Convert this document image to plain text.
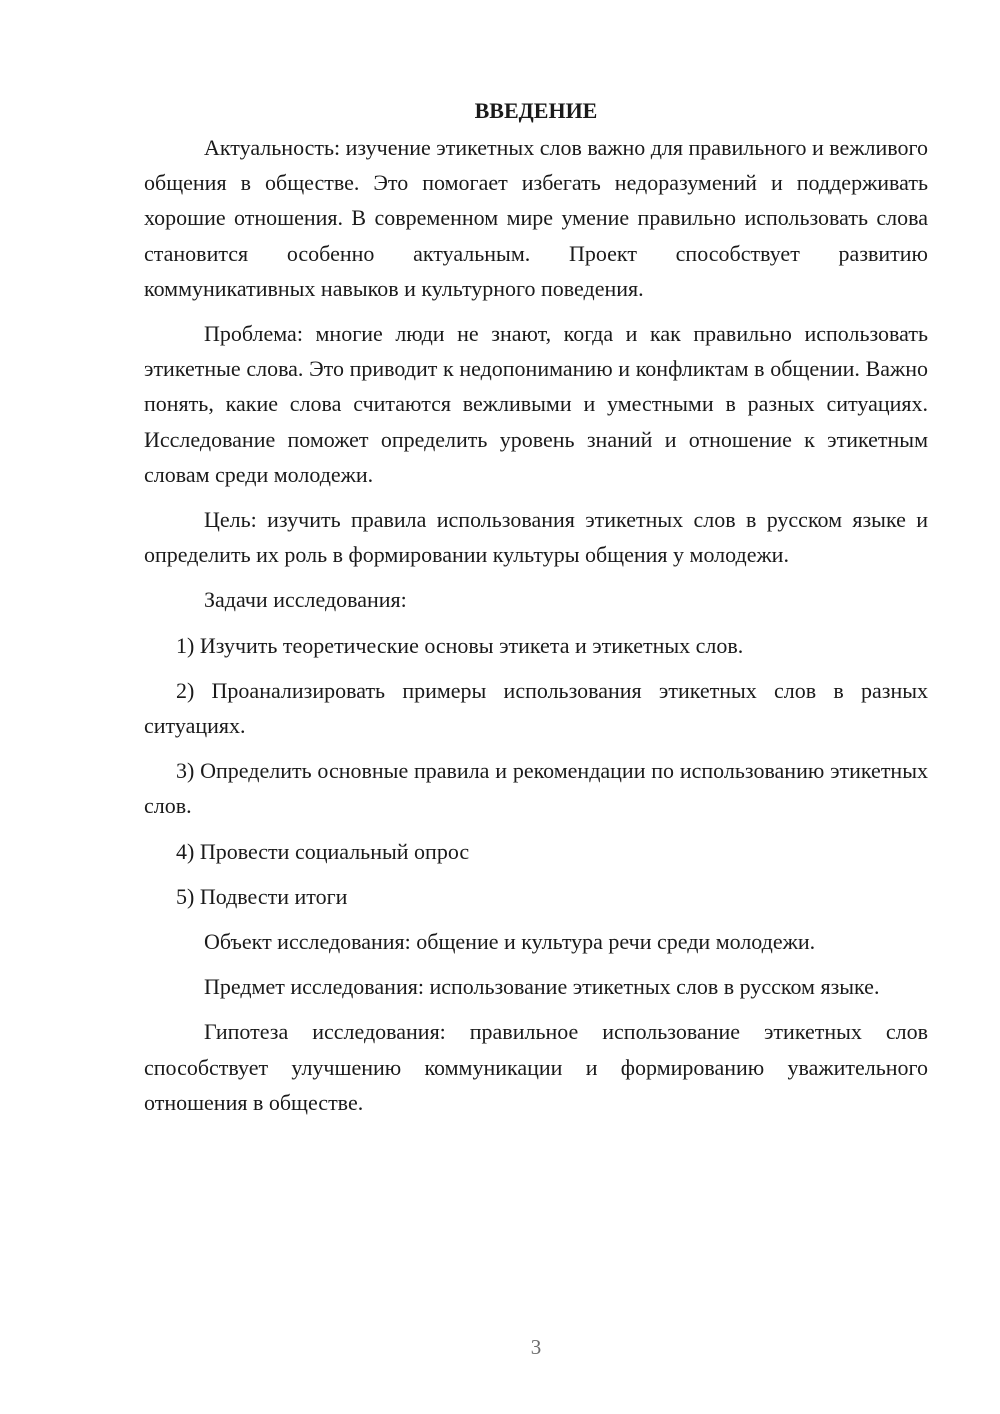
ВВЕДЕНИЕ

Актуальность: изучение этикетных слов важно для правильного и вежливого общения в обществе. Это помогает избегать недоразумений и поддерживать хорошие отношения. В современном мире умение правильно использовать слова становится особенно актуальным. Проект способствует развитию коммуникативных навыков и культурного поведения.

Проблема: многие люди не знают, когда и как правильно использовать этикетные слова. Это приводит к недопониманию и конфликтам в общении. Важно понять, какие слова считаются вежливыми и уместными в разных ситуациях. Исследование поможет определить уровень знаний и отношение к этикетным словам среди молодежи.

Цель: изучить правила использования этикетных слов в русском языке и определить их роль в формировании культуры общения у молодежи.

Задачи исследования:

1) Изучить теоретические основы этикета и этикетных слов.

2) Проанализировать примеры использования этикетных слов в разных ситуациях.

3) Определить основные правила и рекомендации по использованию этикетных слов.

4) Провести социальный опрос

5) Подвести итоги

Объект исследования: общение и культура речи среди молодежи.

Предмет исследования: использование этикетных слов в русском языке.

Гипотеза исследования: правильное использование этикетных слов способствует улучшению коммуникации и формированию уважительного отношения в обществе.

3
